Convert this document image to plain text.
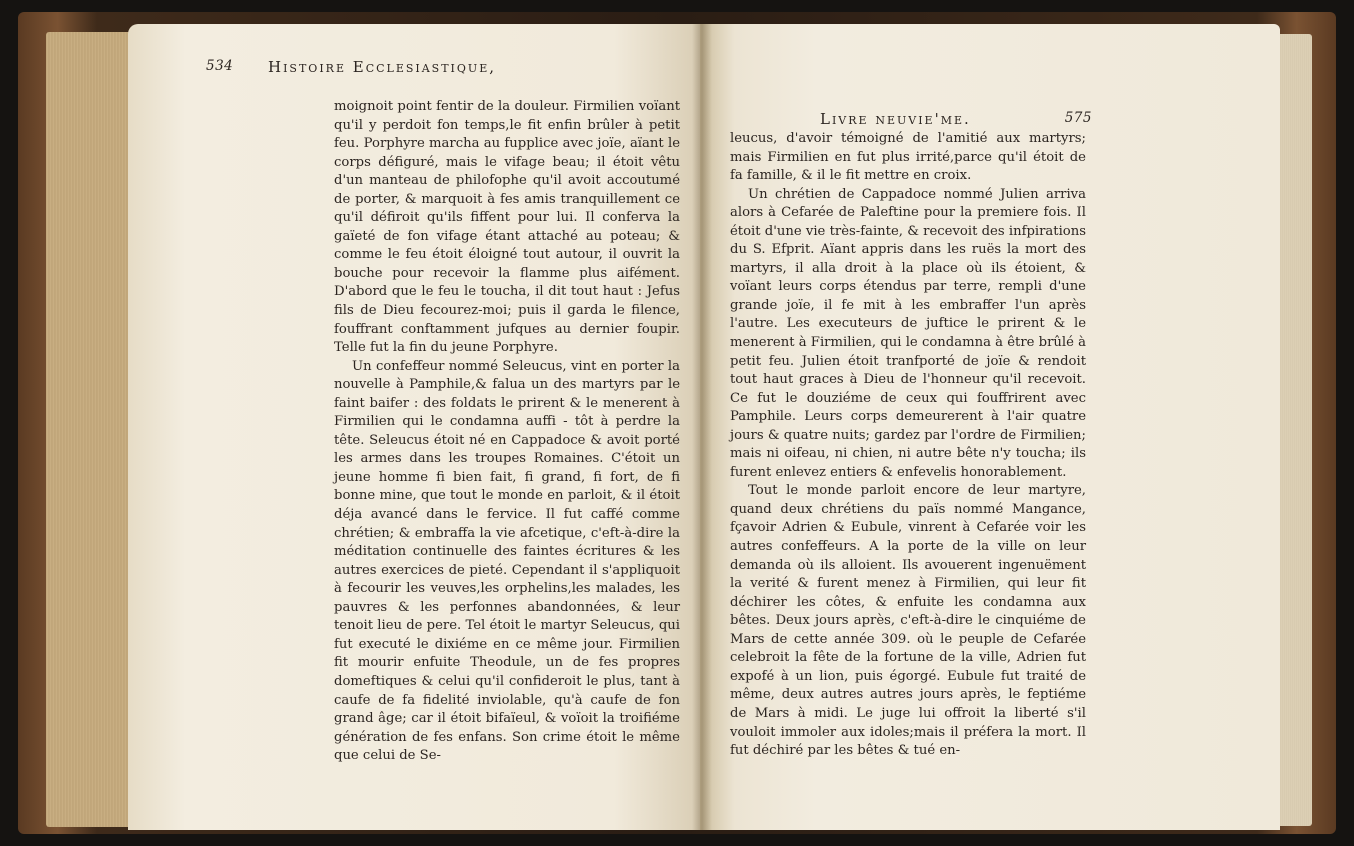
534 Histoire Ecclesiastique,

moignoit point fentir de la douleur. Firmilien voïant qu'il y perdoit fon temps,le fit enfin brûler à petit feu. Porphyre marcha au fupplice avec joïe, aïant le corps défiguré, mais le vifage beau; il étoit vêtu d'un manteau de philofophe qu'il avoit accoutumé de porter, & marquoit à fes amis tranquillement ce qu'il défiroit qu'ils fiffent pour lui. Il conferva la gaïeté de fon vifage étant attaché au poteau; & comme le feu étoit éloigné tout autour, il ouvrit la bouche pour recevoir la flamme plus aifément. D'abord que le feu le toucha, il dit tout haut : Jefus fils de Dieu fecourez-moi; puis il garda le filence, fouffrant conftamment jufques au dernier foupir. Telle fut la fin du jeune Porphyre.

Un confeffeur nommé Seleucus, vint en porter la nouvelle à Pamphile,& falua un des martyrs par le faint baifer : des foldats le prirent & le menerent à Firmilien qui le condamna auffi - tôt à perdre la tête. Seleucus étoit né en Cappadoce & avoit porté les armes dans les troupes Romaines. C'étoit un jeune homme fi bien fait, fi grand, fi fort, de fi bonne mine, que tout le monde en parloit, & il étoit déja avancé dans le fervice. Il fut caffé comme chrétien; & embraffa la vie afcetique, c'eft-à-dire la méditation continuelle des faintes écritures & les autres exercices de pieté. Cependant il s'appliquoit à fecourir les veuves,les orphelins,les malades, les pauvres & les perfonnes abandonnées, & leur tenoit lieu de pere. Tel étoit le martyr Seleucus, qui fut executé le dixiéme en ce même jour. Firmilien fit mourir enfuite Theodule, un de fes propres domeftiques & celui qu'il confideroit le plus, tant à caufe de fa fidelité inviolable, qu'à caufe de fon grand âge; car il étoit bifaïeul, & voïoit la troifiéme génération de fes enfans. Son crime étoit le même que celui de Se-

Livre neuvie'me.	575

leucus, d'avoir témoigné de l'amitié aux martyrs; mais Firmilien en fut plus irrité,parce qu'il étoit de fa famille, & il le fit mettre en croix.

Un chrétien de Cappadoce nommé Julien arriva alors à Cefarée de Paleftine pour la premiere fois. Il étoit d'une vie très-fainte, & recevoit des infpirations du S. Efprit. Aïant appris dans les ruës la mort des martyrs, il alla droit à la place où ils étoient, & voïant leurs corps étendus par terre, rempli d'une grande joïe, il fe mit à les embraffer l'un après l'autre. Les executeurs de juftice le prirent & le menerent à Firmilien, qui le condamna à être brûlé à petit feu. Julien étoit tranfporté de joïe & rendoit tout haut graces à Dieu de l'honneur qu'il recevoit. Ce fut le douziéme de ceux qui fouffrirent avec Pamphile. Leurs corps demeurerent à l'air quatre jours & quatre nuits; gardez par l'ordre de Firmilien; mais ni oifeau, ni chien, ni autre bête n'y toucha; ils furent enlevez entiers & enfevelis honorablement.

Tout le monde parloit encore de leur martyre, quand deux chrétiens du païs nommé Mangance, fçavoir Adrien & Eubule, vinrent à Cefarée voir les autres confeffeurs. A la porte de la ville on leur demanda où ils alloient. Ils avouerent ingenuëment la verité & furent menez à Firmilien, qui leur fit déchirer les côtes, & enfuite les condamna aux bêtes. Deux jours après, c'eft-à-dire le cinquiéme de Mars de cette année 309. où le peuple de Cefarée celebroit la fête de la fortune de la ville, Adrien fut expofé à un lion, puis égorgé. Eubule fut traité de même, deux autres autres jours après, le feptiéme de Mars à midi. Le juge lui offroit la liberté s'il vouloit immoler aux idoles;mais il préfera la mort. Il fut déchiré par les bêtes & tué en-
